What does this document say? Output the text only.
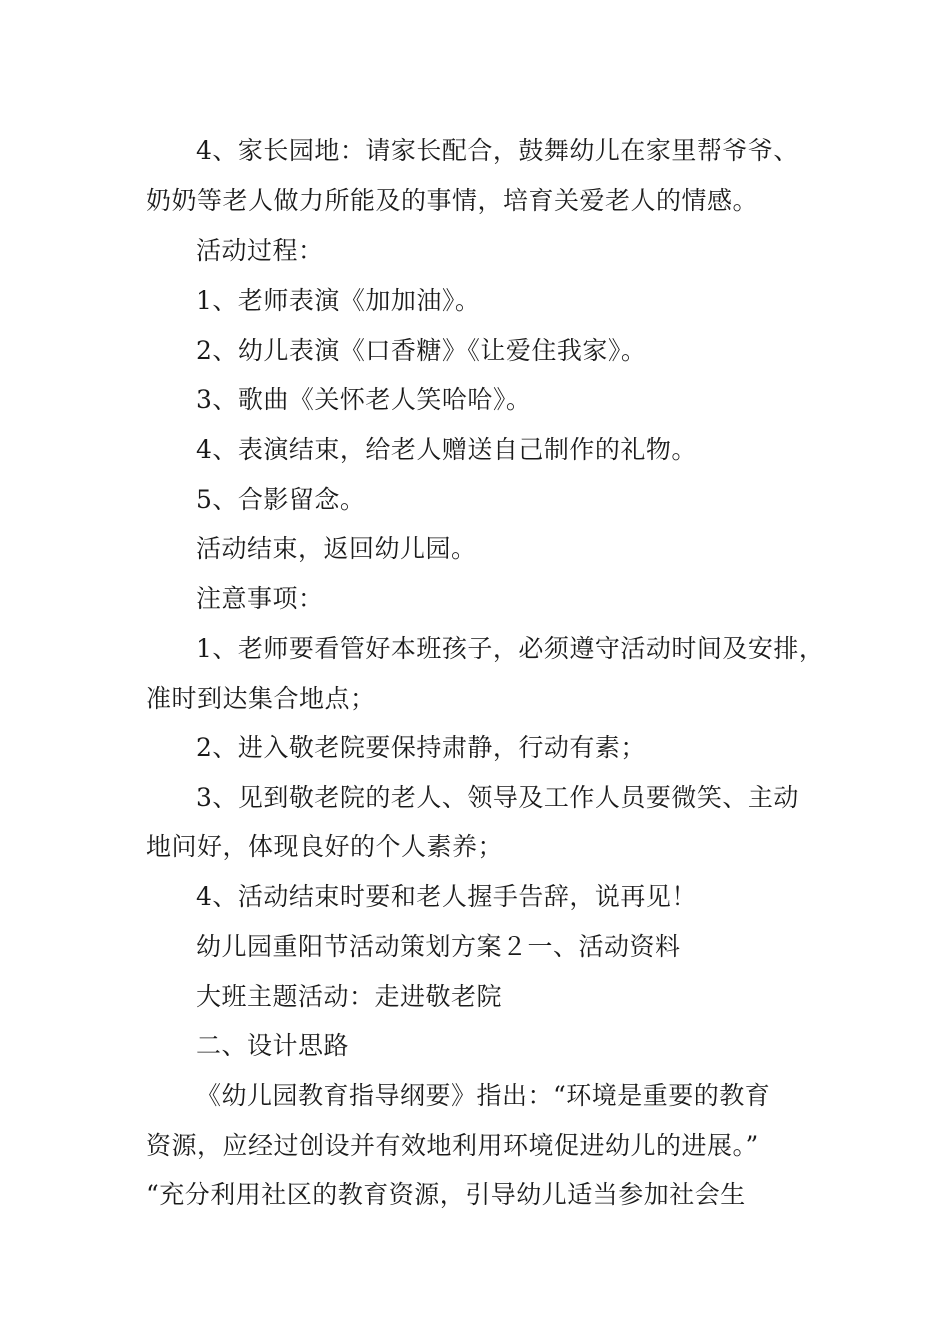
4、家长园地：请家长配合，鼓舞幼儿在家里帮爷爷、
奶奶等老人做力所能及的事情，培育关爱老人的情感。
活动过程：
1、老师表演《加加油》。
2、幼儿表演《口香糖》《让爱住我家》。
3、歌曲《关怀老人笑哈哈》。
4、表演结束，给老人赠送自己制作的礼物。
5、合影留念。
活动结束，返回幼儿园。
注意事项：
1、老师要看管好本班孩子，必须遵守活动时间及安排，
准时到达集合地点；
2、进入敬老院要保持肃静，行动有素；
3、见到敬老院的老人、领导及工作人员要微笑、主动
地问好，体现良好的个人素养；
4、活动结束时要和老人握手告辞，说再见！
幼儿园重阳节活动策划方案２一、活动资料
大班主题活动：走进敬老院
二、设计思路
《幼儿园教育指导纲要》指出：“环境是重要的教育
资源，应经过创设并有效地利用环境促进幼儿的进展。”
“充分利用社区的教育资源，引导幼儿适当参加社会生
